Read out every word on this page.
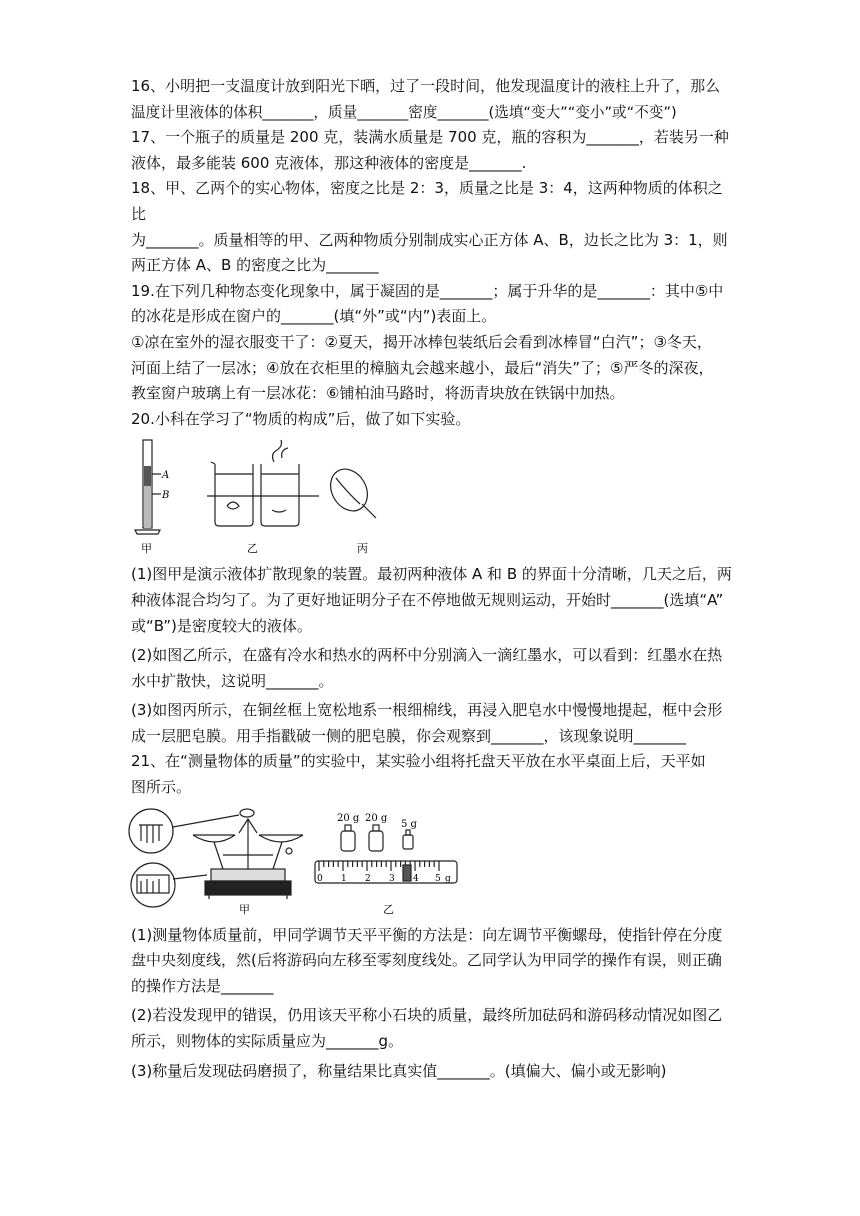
16、小明把一支温度计放到阳光下晒，过了一段时间，他发现温度计的液柱上升了，那么

温度计里液体的体积_______，质量_______密度_______(选填“变大”“变小”或“不变”)

17、一个瓶子的质量是 200 克，装满水质量是 700 克，瓶的容积为_______，若装另一种

液体，最多能装 600 克液体，那这种液体的密度是_______.

18、甲、乙两个的实心物体，密度之比是 2：3，质量之比是 3：4，这两种物质的体积之比

为_______。质量相等的甲、乙两种物质分别制成实心正方体 A、B，边长之比为 3：1，则

两正方体 A、B 的密度之比为_______

19.在下列几种物态变化现象中，属于凝固的是_______；属于升华的是_______：其中⑤中

的冰花是形成在窗户的_______(填“外”或“内”)表面上。

①凉在室外的湿衣服变干了：②夏天，揭开冰棒包装纸后会看到冰棒冒“白汽”；③冬天，

河面上结了一层冰；④放在衣柜里的樟脑丸会越来越小，最后“消失”了；⑤严冬的深夜，

教室窗户玻璃上有一层冰花：⑥铺柏油马路时，将沥青块放在铁锅中加热。

20.小科在学习了“物质的构成”后，做了如下实验。

A
B
甲	乙	丙

(1)图甲是演示液体扩散现象的装置。最初两种液体 A 和 B 的界面十分清晰，几天之后，两

种液体混合均匀了。为了更好地证明分子在不停地做无规则运动，开始时_______(选填“A”

或“B”)是密度较大的液体。

(2)如图乙所示，在盛有冷水和热水的两杯中分别滴入一滴红墨水，可以看到：红墨水在热

水中扩散快，这说明_______。

(3)如图丙所示，在铜丝框上宽松地系一根细棉线，再浸入肥皂水中慢慢地提起，框中会形

成一层肥皂膜。用手指戳破一侧的肥皂膜，你会观察到_______，该现象说明_______

21、在“测量物体的质量”的实验中，某实验小组将托盘天平放在水平桌面上后，天平如

图所示。

甲
20 g 20 g
5 g
0 1 2 3 4 5 g
乙

(1)测量物体质量前，甲同学调节天平平衡的方法是：向左调节平衡螺母，使指针停在分度

盘中央刻度线，然(后将游码向左移至零刻度线处。乙同学认为甲同学的操作有误，则正确

的操作方法是_______

(2)若没发现甲的错误，仍用该天平称小石块的质量，最终所加砝码和游码移动情况如图乙

所示，则物体的实际质量应为_______g。

(3)称量后发现砝码磨损了，称量结果比真实值_______。(填偏大、偏小或无影响)
